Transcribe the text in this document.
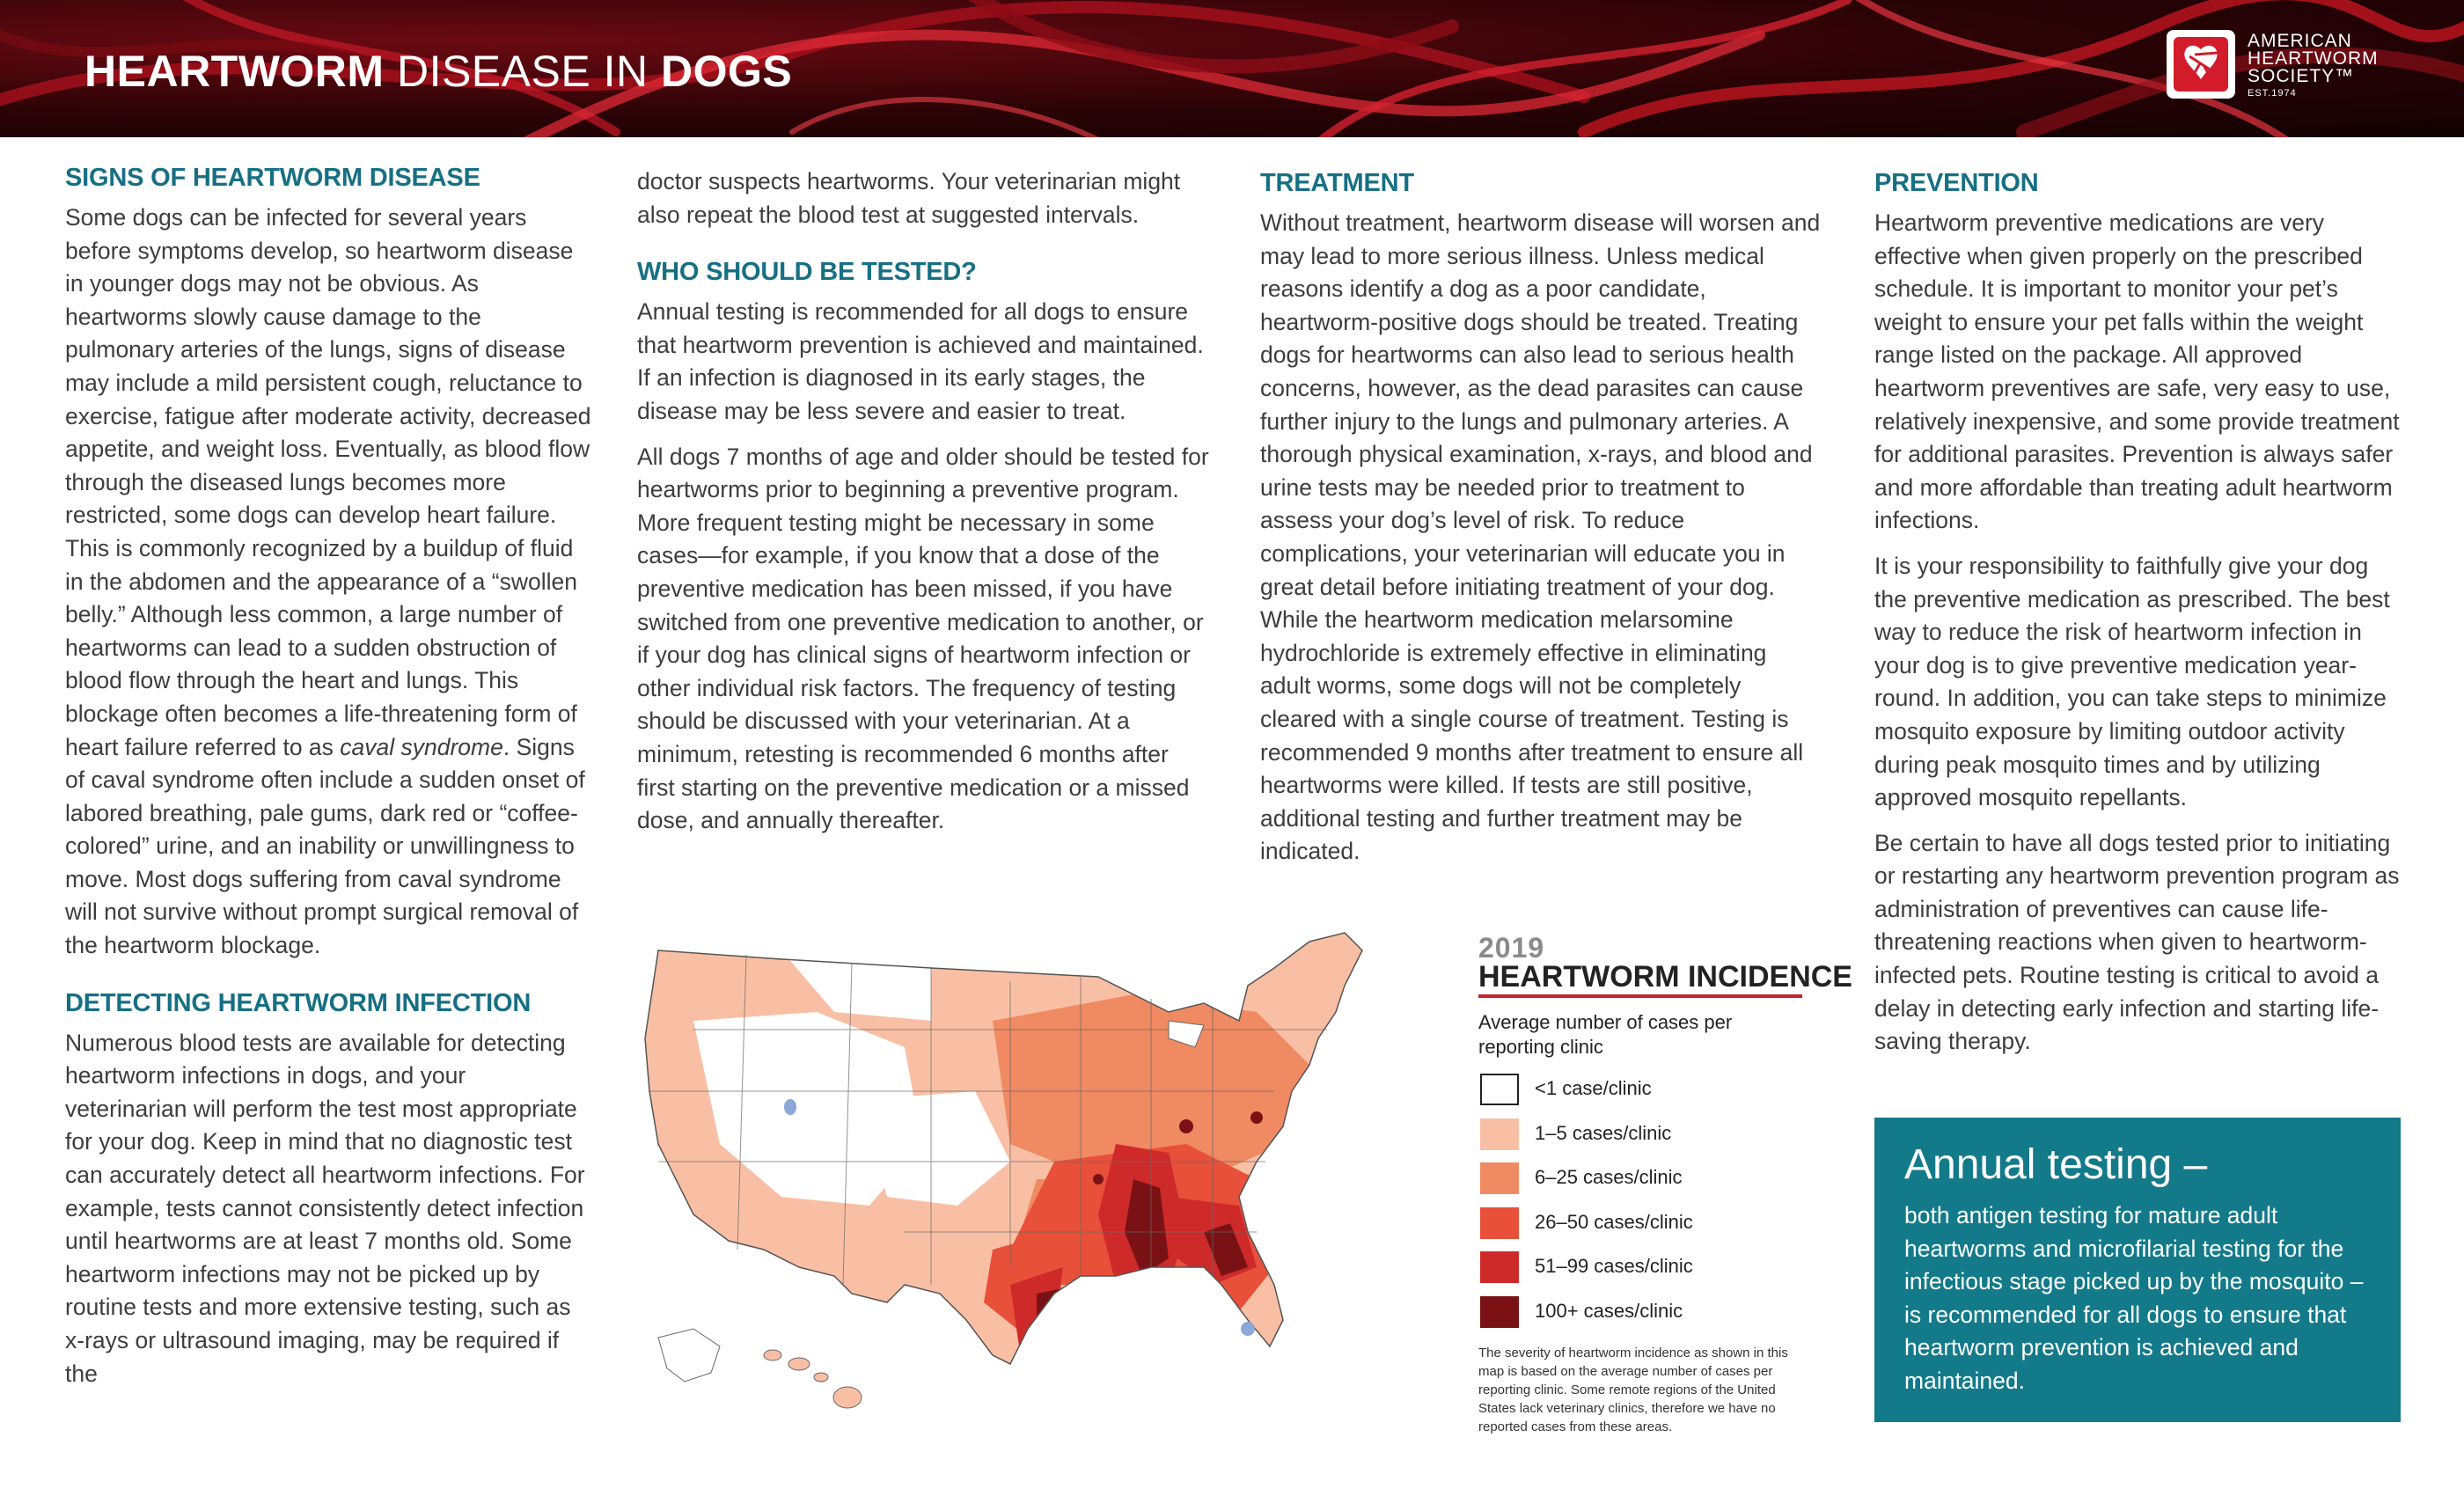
HEARTWORM DISEASE IN DOGS
AMERICAN
HEARTWORM
SOCIETY™
EST.1974
SIGNS OF HEARTWORM DISEASE

Some dogs can be infected for several years before symptoms develop, so heartworm disease in younger dogs may not be obvious. As heartworms slowly cause damage to the pulmonary arteries of the lungs, signs of disease may include a mild persistent cough, reluctance to exercise, fatigue after moderate activity, decreased appetite, and weight loss. Eventually, as blood flow through the diseased lungs becomes more restricted, some dogs can develop heart failure. This is commonly recognized by a buildup of fluid in the abdomen and the appearance of a “swollen belly.” Although less common, a large number of heartworms can lead to a sudden obstruction of blood flow through the heart and lungs. This blockage often becomes a life-threatening form of heart failure referred to as caval syndrome. Signs of caval syndrome often include a sudden onset of labored breathing, pale gums, dark red or “coffee-colored” urine, and an inability or unwillingness to move. Most dogs suffering from caval syndrome will not survive without prompt surgical removal of the heartworm blockage.

DETECTING HEARTWORM INFECTION

Numerous blood tests are available for detecting heartworm infections in dogs, and your veterinarian will perform the test most appropriate for your dog. Keep in mind that no diagnostic test can accurately detect all heartworm infections. For example, tests cannot consistently detect infection until heartworms are at least 7 months old. Some heartworm infections may not be picked up by routine tests and more extensive testing, such as x-rays or ultrasound imaging, may be required if the

doctor suspects heartworms. Your veterinarian might also repeat the blood test at suggested intervals.

WHO SHOULD BE TESTED?

Annual testing is recommended for all dogs to ensure that heartworm prevention is achieved and maintained. If an infection is diagnosed in its early stages, the disease may be less severe and easier to treat.

All dogs 7 months of age and older should be tested for heartworms prior to beginning a preventive program. More frequent testing might be necessary in some cases—for example, if you know that a dose of the preventive medication has been missed, if you have switched from one preventive medication to another, or if your dog has clinical signs of heartworm infection or other individual risk factors. The frequency of testing should be discussed with your veterinarian. At a minimum, retesting is recommended 6 months after first starting on the preventive medication or a missed dose, and annually thereafter.

TREATMENT

Without treatment, heartworm disease will worsen and may lead to more serious illness. Unless medical reasons identify a dog as a poor candidate, heartworm-positive dogs should be treated. Treating dogs for heartworms can also lead to serious health concerns, however, as the dead parasites can cause further injury to the lungs and pulmonary arteries. A thorough physical examination, x-rays, and blood and urine tests may be needed prior to treatment to assess your dog’s level of risk. To reduce complications, your veterinarian will educate you in great detail before initiating treatment of your dog. While the heartworm medication melarsomine hydrochloride is extremely effective in eliminating adult worms, some dogs will not be completely cleared with a single course of treatment. Testing is recommended 9 months after treatment to ensure all heartworms were killed. If tests are still positive, additional testing and further treatment may be indicated.

PREVENTION

Heartworm preventive medications are very effective when given properly on the prescribed schedule. It is important to monitor your pet’s weight to ensure your pet falls within the weight range listed on the package. All approved heartworm preventives are safe, very easy to use, relatively inexpensive, and some provide treatment for additional parasites. Prevention is always safer and more affordable than treating adult heartworm infections.

It is your responsibility to faithfully give your dog the preventive medication as prescribed. The best way to reduce the risk of heartworm infection in your dog is to give preventive medication year-round. In addition, you can take steps to minimize mosquito exposure by limiting outdoor activity during peak mosquito times and by utilizing approved mosquito repellants.

Be certain to have all dogs tested prior to initiating or restarting any heartworm prevention program as administration of preventives can cause life-threatening reactions when given to heartworm-infected pets. Routine testing is critical to avoid a delay in detecting early infection and starting life-saving therapy.

2019
HEARTWORM INCIDENCE
Average number of cases per reporting clinic
<1 case/clinic
1–5 cases/clinic
6–25 cases/clinic
26–50 cases/clinic
51–99 cases/clinic
100+ cases/clinic
The severity of heartworm incidence as shown in this map is based on the average number of cases per reporting clinic. Some remote regions of the United States lack veterinary clinics, therefore we have no reported cases from these areas.
Annual testing –

both antigen testing for mature adult heartworms and microfilarial testing for the infectious stage picked up by the mosquito – is recommended for all dogs to ensure that heartworm prevention is achieved and maintained.
